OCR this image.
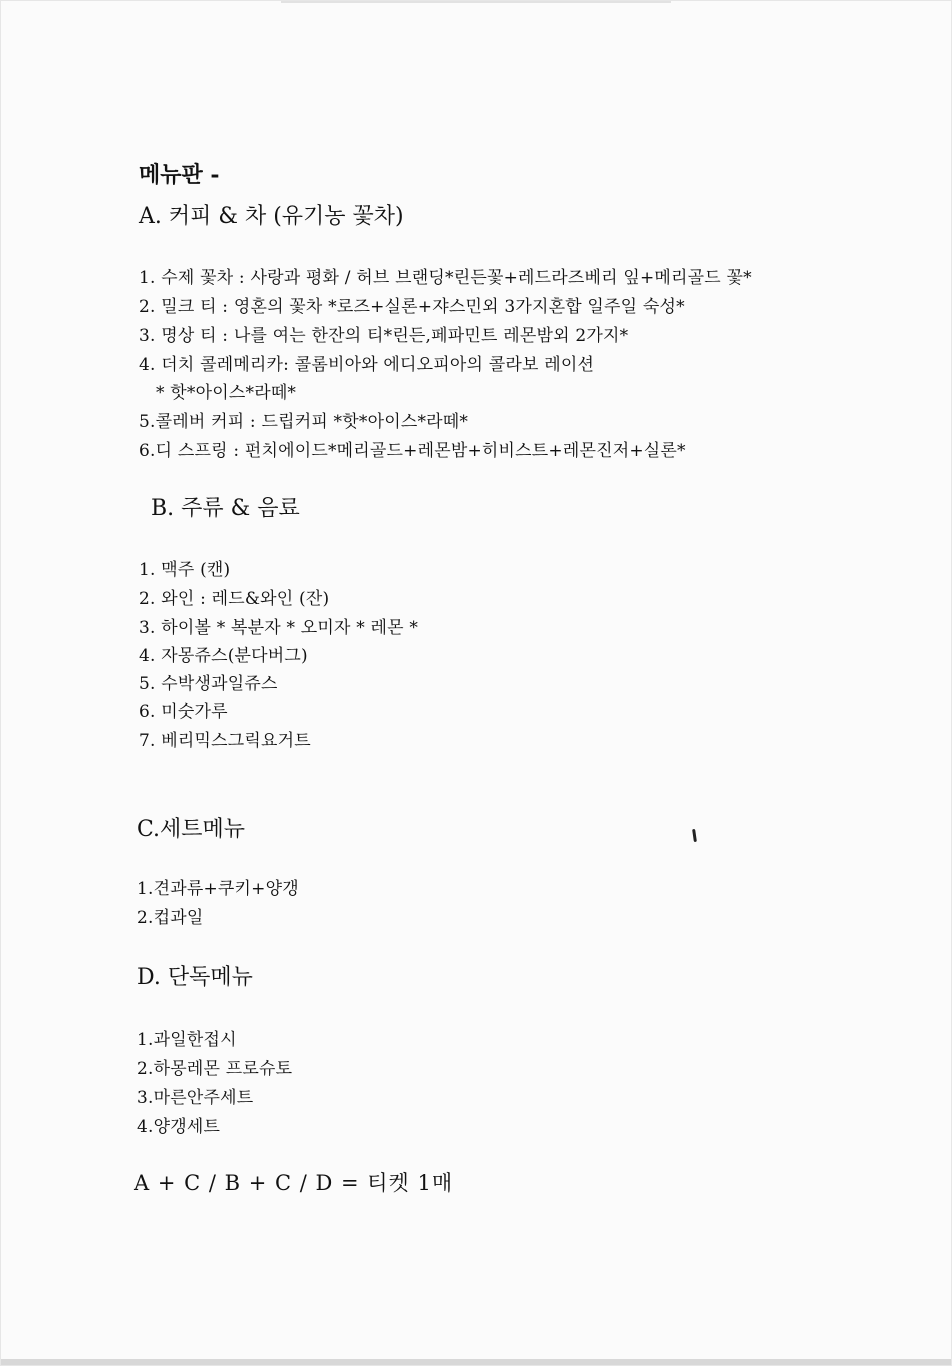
메뉴판 -
A. 커피 & 차 (유기농 꽃차)
1. 수제 꽃차 : 사랑과 평화 / 허브 브랜딩*린든꽃+레드라즈베리 잎+메리골드 꽃*
2. 밀크 티 : 영혼의 꽃차 *로즈+실론+쟈스민외 3가지혼합 일주일 숙성*
3. 명상 티 : 나를 여는 한잔의 티*린든,페파민트 레몬밤외 2가지*
4. 더치 콜레메리카: 콜롬비아와 에디오피아의 콜라보 레이션
* 핫*아이스*라떼*
5.콜레버 커피 : 드립커피 *핫*아이스*라떼*
6.디 스프링 : 펀치에이드*메리골드+레몬밤+히비스트+레몬진저+실론*
B. 주류 & 음료
1. 맥주 (캔)
2. 와인 : 레드&와인 (잔)
3. 하이볼 * 복분자 * 오미자 * 레몬 *
4. 자몽쥬스(분다버그)
5. 수박생과일쥬스
6. 미숫가루
7. 베리믹스그릭요거트
C.세트메뉴
1.견과류+쿠키+양갱
2.컵과일
D. 단독메뉴
1.과일한접시
2.하몽레몬 프로슈토
3.마른안주세트
4.양갱세트
A + C / B + C / D = 티켓 1매
